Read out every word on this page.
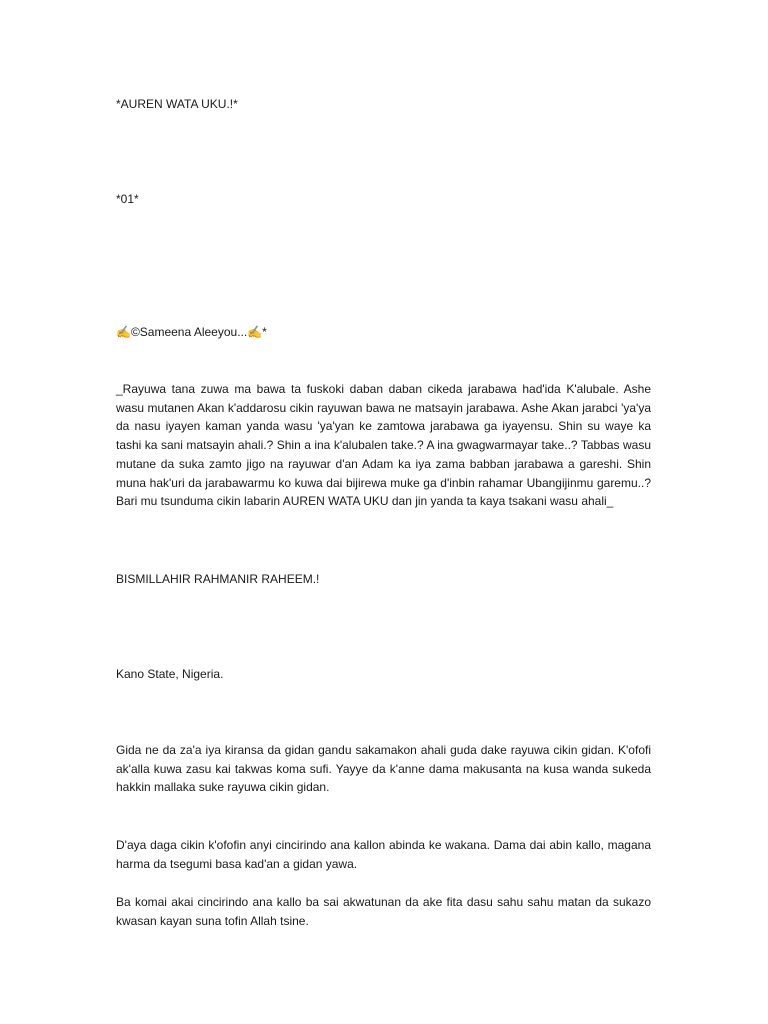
*AUREN WATA UKU.!*
*01*
✍️©Sameena Aleeyou...✍️*
_Rayuwa tana zuwa ma bawa ta fuskoki daban daban cikeda jarabawa had'ida K'alubale. Ashe wasu mutanen Akan k'addarosu cikin rayuwan bawa ne matsayin jarabawa. Ashe Akan jarabci 'ya'ya da nasu iyayen kaman yanda wasu 'ya'yan ke zamtowa jarabawa ga iyayensu. Shin su waye ka tashi ka sani matsayin ahali.? Shin a ina k'alubalen take.? A ina gwagwarmayar take..? Tabbas wasu mutane da suka zamto jigo na rayuwar d'an Adam ka iya zama babban jarabawa a gareshi. Shin muna hak'uri da jarabawarmu ko kuwa dai bijirewa muke ga d'inbin rahamar Ubangijinmu garemu..? Bari mu tsunduma cikin labarin AUREN WATA UKU dan jin yanda ta kaya tsakani wasu ahali_
BISMILLAHIR RAHMANIR RAHEEM.!
Kano State, Nigeria.
Gida ne da za'a iya kiransa da gidan gandu sakamakon ahali guda dake rayuwa cikin gidan. K'ofofi ak'alla kuwa zasu kai takwas koma sufi. Yayye da k'anne dama makusanta na kusa wanda sukeda hakkin mallaka suke rayuwa cikin gidan.
D'aya daga cikin k'ofofin anyi cincirindo ana kallon abinda ke wakana. Dama dai abin kallo, magana harma da tsegumi basa kad'an a gidan yawa.
Ba komai akai cincirindo ana kallo ba sai akwatunan da ake fita dasu sahu sahu matan da sukazo kwasan kayan suna tofin Allah tsine.
